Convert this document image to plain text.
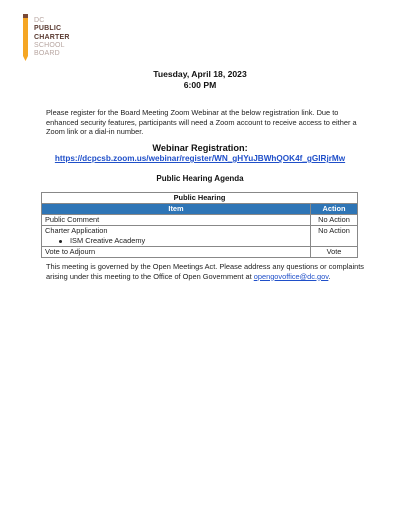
DC
PUBLIC
CHARTER
SCHOOL
BOARD
Tuesday, April 18, 2023
6:00 PM
Please register for the Board Meeting Zoom Webinar at the below registration link. Due to enhanced security features, participants will need a Zoom account to receive access to either a Zoom link or a dial-in number.
Webinar Registration:
https://dcpcsb.zoom.us/webinar/register/WN_gHYuJBWhQOK4f_gGIRjrMw
Public Hearing Agenda
Public Hearing	
Item	Action
Public Comment	No Action
Charter Application
ISM Creative Academy	No Action
Vote to Adjourn	Vote
This meeting is governed by the Open Meetings Act. Please address any questions or complaints arising under this meeting to the Office of Open Government at opengovoffice@dc.gov.
